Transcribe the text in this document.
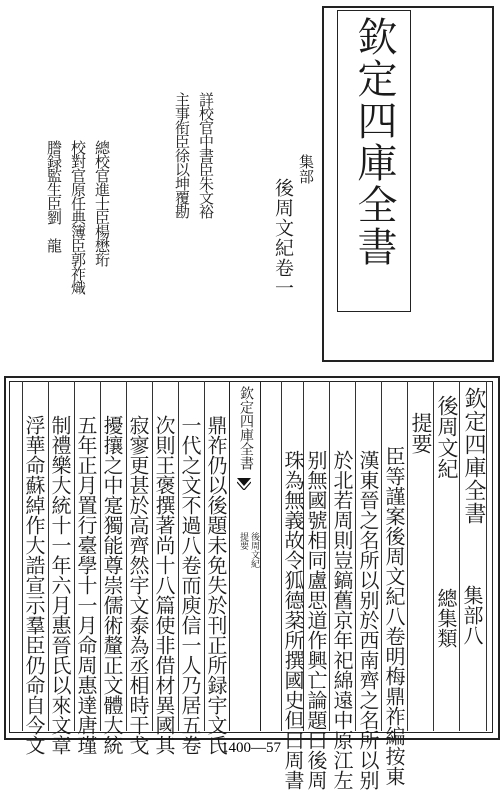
欽定四庫全書
集部
後周文紀卷一
詳校官中書臣朱文裕
主事衔臣徐以坤覆勘
總校官進士臣楊懋珩
校對官原任典簿臣郭祚熾
謄録監生臣劉　龍
欽定四庫全書
後周文紀
提要
欽定四庫全書
集部八
後周文紀
總集類
提要
臣等謹案後周文紀八卷明梅鼎祚編按東
漢東晉之名所以别於西南齊之名所以别
於北若周則豈鎬舊京年祀綿遠中原江左
别無國號相同盧思道作興亡論題曰後周
珠為無義故令狐德棻所撰國史但曰周書
鼎祚仍以後題未免失於刊正所録宇文氏
一代之文不過八卷而庾信一人乃居五卷
次則王褒撰著尚十八篇使非借材異國其
寂寥更甚於高齊然宇文泰為丞相時干戈
擾攘之中寔獨能尊崇儒術釐正文體大統
五年正月置行臺學十一月命周惠達唐瑾
制禮樂大統十一年六月惠晉氏以來文章
浮華命蘇綽作大誥宣示羣臣仍命自今文	1400—57
